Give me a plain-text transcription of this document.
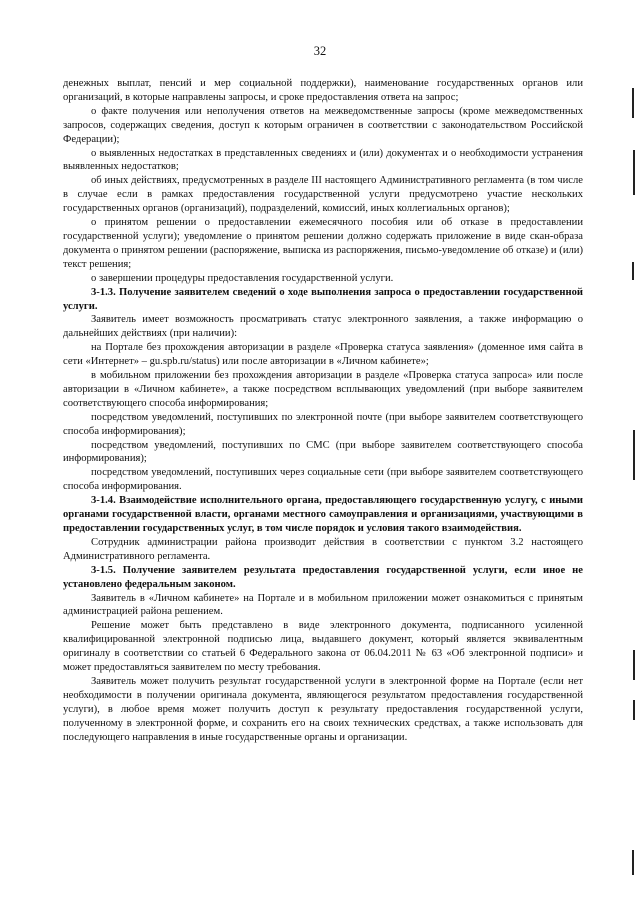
32

денежных выплат, пенсий и мер социальной поддержки), наименование государственных органов или организаций, в которые направлены запросы, и сроке предоставления ответа на запрос;

о факте получения или неполучения ответов на межведомственные запросы (кроме межведомственных запросов, содержащих сведения, доступ к которым ограничен в соответствии с законодательством Российской Федерации);

о выявленных недостатках в представленных сведениях и (или) документах и о необходимости устранения выявленных недостатков;

об иных действиях, предусмотренных в разделе III настоящего Административного регламента (в том числе в случае если в рамках предоставления государственной услуги предусмотрено участие нескольких государственных органов (организаций), подразделений, комиссий, иных коллегиальных органов);

о принятом решении о предоставлении ежемесячного пособия или об отказе в предоставлении государственной услуги); уведомление о принятом решении должно содержать приложение в виде скан-образа документа о принятом решении (распоряжение, выписка из распоряжения, письмо-уведомление об отказе) и (или) текст решения;

о завершении процедуры предоставления государственной услуги.

3-1.3. Получение заявителем сведений о ходе выполнения запроса о предоставлении государственной услуги.

Заявитель имеет возможность просматривать статус электронного заявления, а также информацию о дальнейших действиях (при наличии):

на Портале без прохождения авторизации в разделе «Проверка статуса заявления» (доменное имя сайта в сети «Интернет» – gu.spb.ru/status) или после авторизации в «Личном кабинете»;

в мобильном приложении без прохождения авторизации в разделе «Проверка статуса запроса» или после авторизации в «Личном кабинете», а также посредством всплывающих уведомлений (при выборе заявителем соответствующего способа информирования;

посредством уведомлений, поступивших по электронной почте (при выборе заявителем соответствующего способа информирования);

посредством уведомлений, поступивших по СМС (при выборе заявителем соответствующего способа информирования);

посредством уведомлений, поступивших через социальные сети (при выборе заявителем соответствующего способа информирования.

3-1.4. Взаимодействие исполнительного органа, предоставляющего государственную услугу, с иными органами государственной власти, органами местного самоуправления и организациями, участвующими в предоставлении государственных услуг, в том числе порядок и условия такого взаимодействия.

Сотрудник администрации района производит действия в соответствии с пунктом 3.2 настоящего Административного регламента.

3-1.5. Получение заявителем результата предоставления государственной услуги, если иное не установлено федеральным законом.

Заявитель в «Личном кабинете» на Портале и в мобильном приложении может ознакомиться с принятым администрацией района решением.

Решение может быть представлено в виде электронного документа, подписанного усиленной квалифицированной электронной подписью лица, выдавшего документ, который является эквивалентным оригиналу в соответствии со статьей 6 Федерального закона от 06.04.2011 № 63 «Об электронной подписи» и может предоставляться заявителем по месту требования.

Заявитель может получить результат государственной услуги в электронной форме на Портале (если нет необходимости в получении оригинала документа, являющегося результатом предоставления государственной услуги), в любое время может получить доступ к результату предоставления государственной услуги, полученному в электронной форме, и сохранить его на своих технических средствах, а также использовать для последующего направления в иные государственные органы и организации.
